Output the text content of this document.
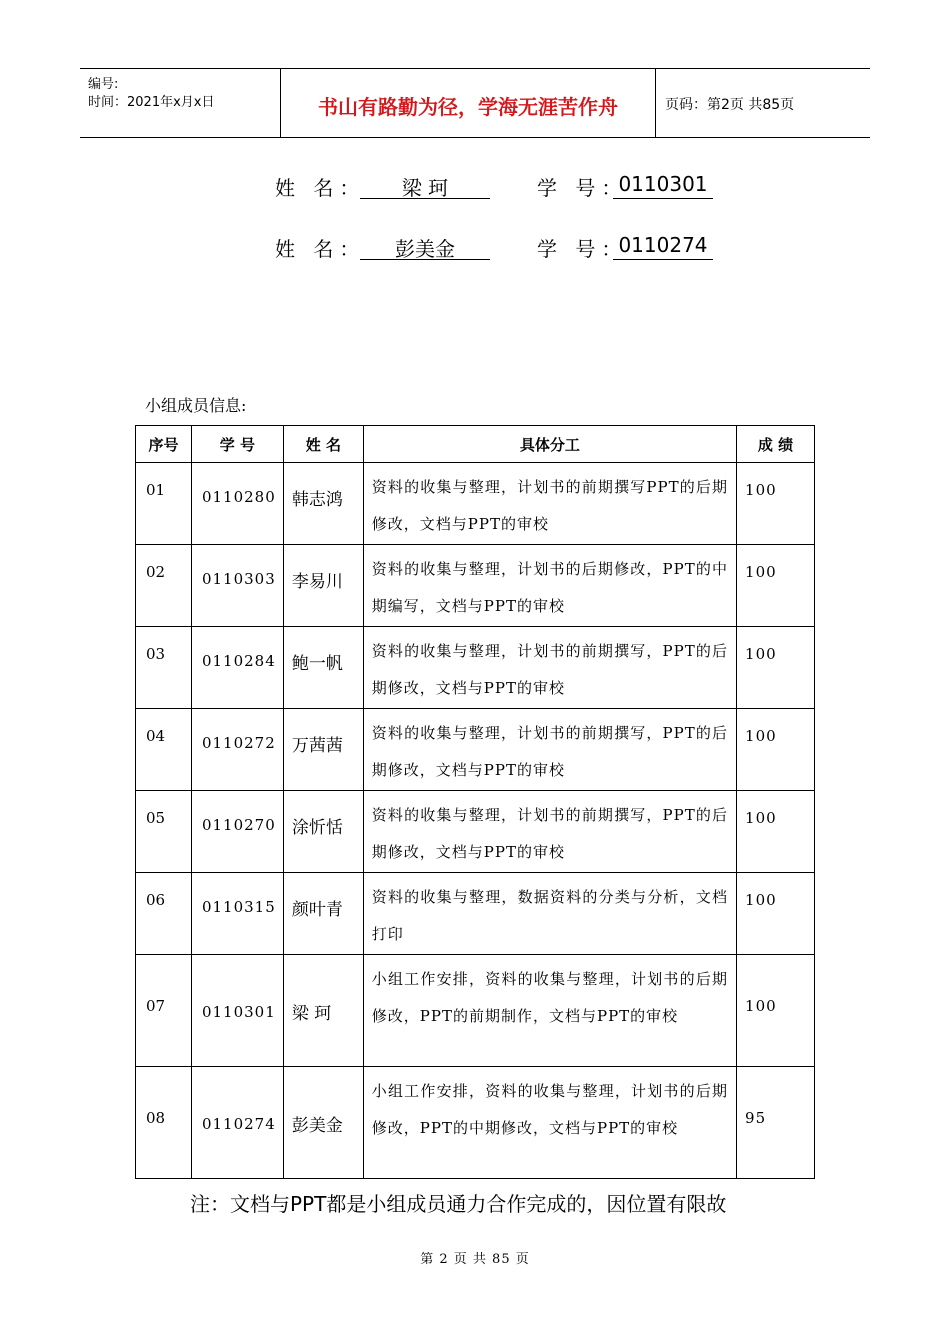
编号:
时间：2021年x月x日	书山有路勤为径，学海无涯苦作舟	页码：第2页 共85页
姓 名：	梁 珂	学 号：
0110301
姓 名：	彭美金	学 号：
0110274
小组成员信息:
序号	学 号	姓 名	具体分工	成 绩
01	0110280	韩志鸿	资料的收集与整理，计划书的前期撰写PPT的后期修改，文档与PPT的审校	100
02	0110303	李易川	资料的收集与整理，计划书的后期修改，PPT的中期编写，文档与PPT的审校	100
03	0110284	鲍一帆	资料的收集与整理，计划书的前期撰写，PPT的后期修改，文档与PPT的审校	100
04	0110272	万茜茜	资料的收集与整理，计划书的前期撰写，PPT的后期修改，文档与PPT的审校	100
05	0110270	涂忻恬	资料的收集与整理，计划书的前期撰写，PPT的后期修改，文档与PPT的审校	100
06	0110315	颜叶青	资料的收集与整理，数据资料的分类与分析，文档打印	100
07	0110301	梁 珂	小组工作安排，资料的收集与整理，计划书的后期修改，PPT的前期制作，文档与PPT的审校	100
08	0110274	彭美金	小组工作安排，资料的收集与整理，计划书的后期修改，PPT的中期修改，文档与PPT的审校	95
注：文档与PPT都是小组成员通力合作完成的，因位置有限故
第 2 页 共 85 页
